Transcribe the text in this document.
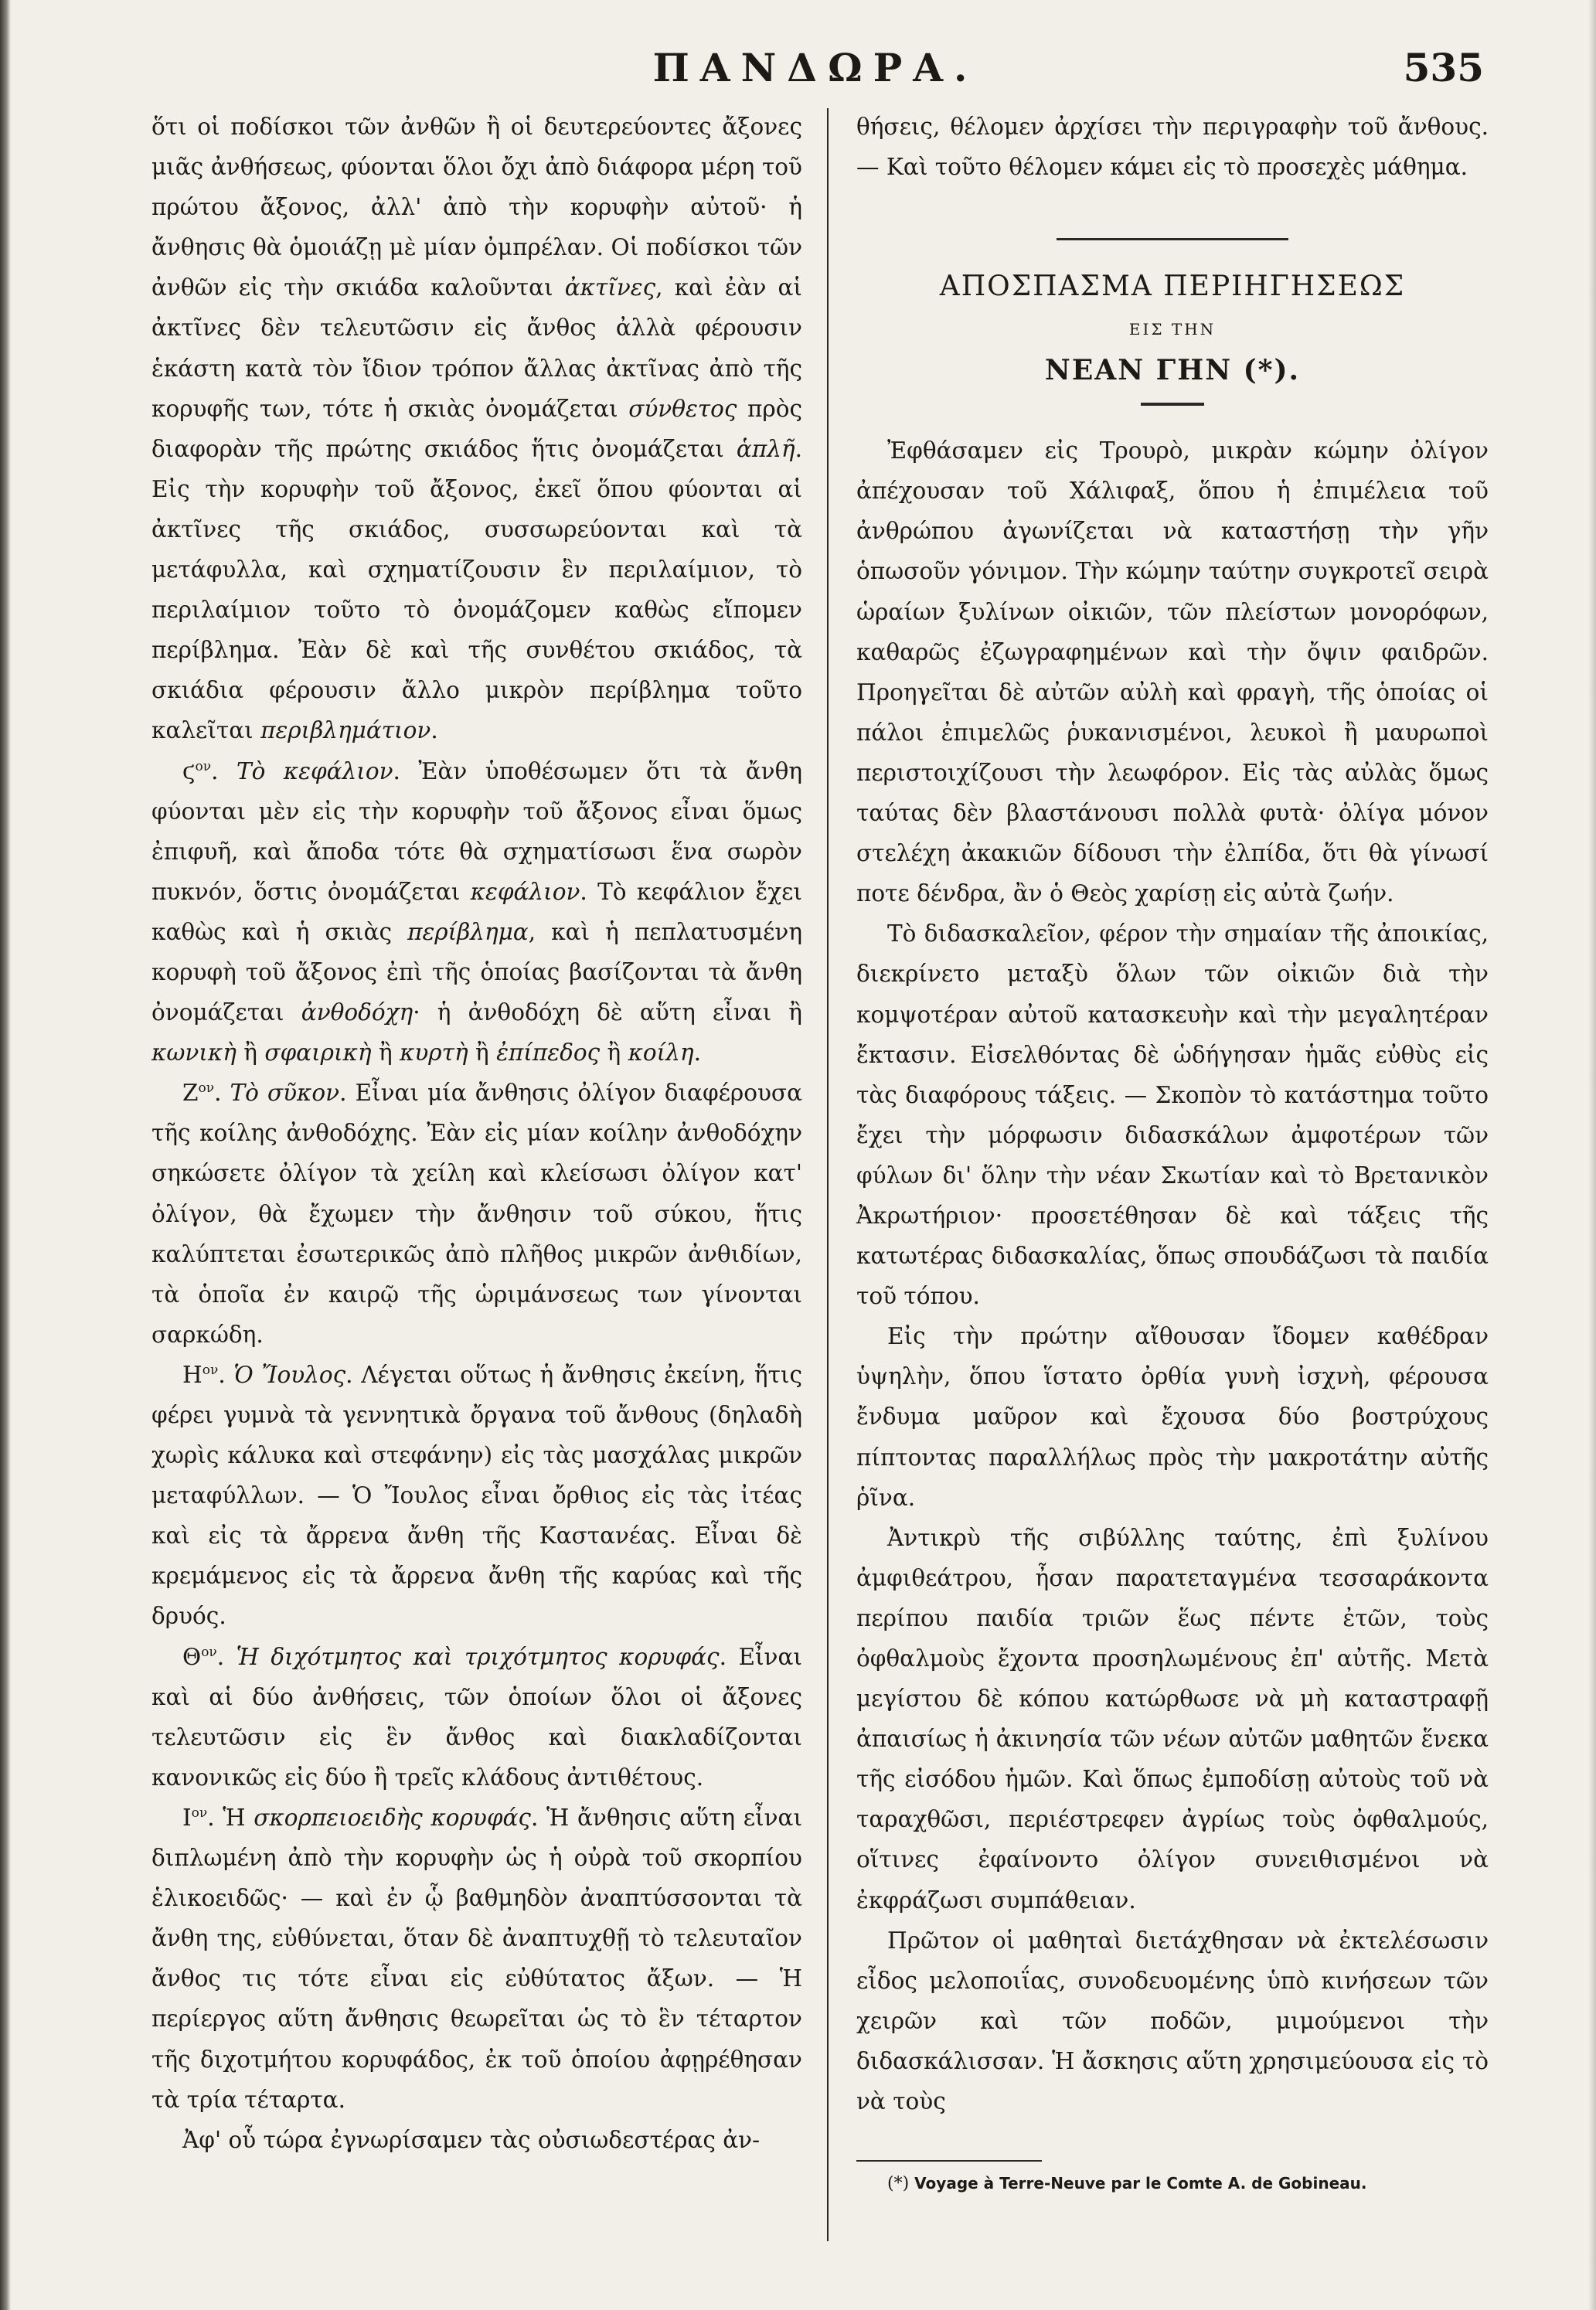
ΠΑΝΔΩΡΑ.	535

ὅτι οἱ ποδίσκοι τῶν ἀνθῶν ἢ οἱ δευτερεύοντες ἄξονες μιᾶς ἀνθήσεως, φύονται ὅλοι ὄχι ἀπὸ διάφορα μέρη τοῦ πρώτου ἄξονος, ἀλλ' ἀπὸ τὴν κορυφὴν αὐτοῦ· ἡ ἄνθησις θὰ ὁμοιάζῃ μὲ μίαν ὀμπρέλαν. Οἱ ποδίσκοι τῶν ἀνθῶν εἰς τὴν σκιάδα καλοῦνται ἀκτῖνες, καὶ ἐὰν αἱ ἀκτῖνες δὲν τελευτῶσιν εἰς ἄνθος ἀλλὰ φέρουσιν ἑκάστη κατὰ τὸν ἴδιον τρόπον ἄλλας ἀκτῖνας ἀπὸ τῆς κορυφῆς των, τότε ἡ σκιὰς ὀνομάζεται σύνθετος πρὸς διαφορὰν τῆς πρώτης σκιάδος ἥτις ὀνομάζεται ἁπλῆ. Εἰς τὴν κορυφὴν τοῦ ἄξονος, ἐκεῖ ὅπου φύονται αἱ ἀκτῖνες τῆς σκιάδος, συσσωρεύονται καὶ τὰ μετάφυλλα, καὶ σχηματίζουσιν ἓν περιλαίμιον, τὸ περιλαίμιον τοῦτο τὸ ὀνομάζομεν καθὼς εἴπομεν περίβλημα. Ἐὰν δὲ καὶ τῆς συνθέτου σκιάδος, τὰ σκιάδια φέρουσιν ἄλλο μικρὸν περίβλημα τοῦτο καλεῖται περιβλημάτιον.

$ϛ^{o\nu}$. Τὸ κεφάλιον. Ἐὰν ὑποθέσωμεν ὅτι τὰ ἄνθη φύονται μὲν εἰς τὴν κορυφὴν τοῦ ἄξονος εἶναι ὅμως ἐπιφυῆ, καὶ ἄποδα τότε θὰ σχηματίσωσι ἕνα σωρὸν πυκνόν, ὅστις ὀνομάζεται κεφάλιον. Τὸ κεφάλιον ἔχει καθὼς καὶ ἡ σκιὰς περίβλημα, καὶ ἡ πεπλατυσμένη κορυφὴ τοῦ ἄξονος ἐπὶ τῆς ὁποίας βασίζονται τὰ ἄνθη ὀνομάζεται ἀνθοδόχη· ἡ ἀνθοδόχη δὲ αὕτη εἶναι ἢ κωνικὴ ἢ σφαιρικὴ ἢ κυρτὴ ἢ ἐπίπεδος ἢ κοίλη.

$Z^{o\nu}$. Τὸ σῦκον. Εἶναι μία ἄνθησις ὀλίγον διαφέρουσα τῆς κοίλης ἀνθοδόχης. Ἐὰν εἰς μίαν κοίλην ἀνθοδόχην σηκώσετε ὀλίγον τὰ χείλη καὶ κλείσωσι ὀλίγον κατ' ὀλίγον, θὰ ἔχωμεν τὴν ἄνθησιν τοῦ σύκου, ἥτις καλύπτεται ἐσωτερικῶς ἀπὸ πλῆθος μικρῶν ἀνθιδίων, τὰ ὁποῖα ἐν καιρῷ τῆς ὡριμάνσεως των γίνονται σαρκώδη.

$H^{o\nu}$. Ὁ Ἴουλος. Λέγεται οὕτως ἡ ἄνθησις ἐκείνη, ἥτις φέρει γυμνὰ τὰ γεννητικὰ ὄργανα τοῦ ἄνθους (δηλαδὴ χωρὶς κάλυκα καὶ στεφάνην) εἰς τὰς μασχάλας μικρῶν μεταφύλλων. — Ὁ Ἴουλος εἶναι ὄρθιος εἰς τὰς ἰτέας καὶ εἰς τὰ ἄρρενα ἄνθη τῆς Καστανέας. Εἶναι δὲ κρεμάμενος εἰς τὰ ἄρρενα ἄνθη τῆς καρύας καὶ τῆς δρυός.

$\Theta^{o\nu}$. Ἡ διχότμητος καὶ τριχότμητος κορυφάς. Εἶναι καὶ αἱ δύο ἀνθήσεις, τῶν ὁποίων ὅλοι οἱ ἄξονες τελευτῶσιν εἰς ἓν ἄνθος καὶ διακλαδίζονται κανονικῶς εἰς δύο ἢ τρεῖς κλάδους ἀντιθέτους.

$I^{o\nu}$. Ἡ σκορπειοειδὴς κορυφάς. Ἡ ἄνθησις αὕτη εἶναι διπλωμένη ἀπὸ τὴν κορυφὴν ὡς ἡ οὐρὰ τοῦ σκορπίου ἑλικοειδῶς· — καὶ ἐν ᾧ βαθμηδὸν ἀναπτύσσονται τὰ ἄνθη της, εὐθύνεται, ὅταν δὲ ἀναπτυχθῇ τὸ τελευταῖον ἄνθος τις τότε εἶναι εἰς εὐθύτατος ἄξων. — Ἡ περίεργος αὕτη ἄνθησις θεωρεῖται ὡς τὸ ἓν τέταρτον τῆς διχοτμήτου κορυφάδος, ἐκ τοῦ ὁποίου ἀφῃρέθησαν τὰ τρία τέταρτα.

Ἀφ' οὗ τώρα ἐγνωρίσαμεν τὰς οὐσιωδεστέρας ἀν-

θήσεις, θέλομεν ἀρχίσει τὴν περιγραφὴν τοῦ ἄνθους. — Καὶ τοῦτο θέλομεν κάμει εἰς τὸ προσεχὲς μάθημα.

ΑΠΟΣΠΑΣΜΑ ΠΕΡΙΗΓΗΣΕΩΣ
ΕΙΣ ΤΗΝ
ΝΕΑΝ ΓΗΝ (*).

Ἐφθάσαμεν εἰς Τρουρὸ, μικρὰν κώμην ὀλίγον ἀπέχουσαν τοῦ Χάλιφαξ, ὅπου ἡ ἐπιμέλεια τοῦ ἀνθρώπου ἀγωνίζεται νὰ καταστήσῃ τὴν γῆν ὁπωσοῦν γόνιμον. Τὴν κώμην ταύτην συγκροτεῖ σειρὰ ὡραίων ξυλίνων οἰκιῶν, τῶν πλείστων μονορόφων, καθαρῶς ἐζωγραφημένων καὶ τὴν ὄψιν φαιδρῶν. Προηγεῖται δὲ αὐτῶν αὐλὴ καὶ φραγὴ, τῆς ὁποίας οἱ πάλοι ἐπιμελῶς ῥυκανισμένοι, λευκοὶ ἢ μαυρωποὶ περιστοιχίζουσι τὴν λεωφόρον. Εἰς τὰς αὐλὰς ὅμως ταύτας δὲν βλαστάνουσι πολλὰ φυτὰ· ὀλίγα μόνον στελέχη ἀκακιῶν δίδουσι τὴν ἐλπίδα, ὅτι θὰ γίνωσί ποτε δένδρα, ἂν ὁ Θεὸς χαρίσῃ εἰς αὐτὰ ζωήν.

Τὸ διδασκαλεῖον, φέρον τὴν σημαίαν τῆς ἀποικίας, διεκρίνετο μεταξὺ ὅλων τῶν οἰκιῶν διὰ τὴν κομψοτέραν αὐτοῦ κατασκευὴν καὶ τὴν μεγαλητέραν ἔκτασιν. Εἰσελθόντας δὲ ὡδήγησαν ἡμᾶς εὐθὺς εἰς τὰς διαφόρους τάξεις. — Σκοπὸν τὸ κατάστημα τοῦτο ἔχει τὴν μόρφωσιν διδασκάλων ἀμφοτέρων τῶν φύλων δι' ὅλην τὴν νέαν Σκωτίαν καὶ τὸ Βρετανικὸν Ἀκρωτήριον· προσετέθησαν δὲ καὶ τάξεις τῆς κατωτέρας διδασκαλίας, ὅπως σπουδάζωσι τὰ παιδία τοῦ τόπου.

Εἰς τὴν πρώτην αἴθουσαν ἴδομεν καθέδραν ὑψηλὴν, ὅπου ἵστατο ὀρθία γυνὴ ἰσχνὴ, φέρουσα ἔνδυμα μαῦρον καὶ ἔχουσα δύο βοστρύχους πίπτοντας παραλλήλως πρὸς τὴν μακροτάτην αὐτῆς ῥῖνα.

Ἀντικρὺ τῆς σιβύλλης ταύτης, ἐπὶ ξυλίνου ἀμφιθεάτρου, ἦσαν παρατεταγμένα τεσσαράκοντα περίπου παιδία τριῶν ἕως πέντε ἐτῶν, τοὺς ὀφθαλμοὺς ἔχοντα προσηλωμένους ἐπ' αὐτῆς. Μετὰ μεγίστου δὲ κόπου κατώρθωσε νὰ μὴ καταστραφῇ ἀπαισίως ἡ ἀκινησία τῶν νέων αὐτῶν μαθητῶν ἕνεκα τῆς εἰσόδου ἡμῶν. Καὶ ὅπως ἐμποδίσῃ αὐτοὺς τοῦ νὰ ταραχθῶσι, περιέστρεφεν ἀγρίως τοὺς ὀφθαλμούς, οἵτινες ἐφαίνοντο ὀλίγον συνειθισμένοι νὰ ἐκφράζωσι συμπάθειαν.

Πρῶτον οἱ μαθηταὶ διετάχθησαν νὰ ἐκτελέσωσιν εἶδος μελοποιΐας, συνοδευομένης ὑπὸ κινήσεων τῶν χειρῶν καὶ τῶν ποδῶν, μιμούμενοι τὴν διδασκάλισσαν. Ἡ ἄσκησις αὕτη χρησιμεύουσα εἰς τὸ νὰ τοὺς

(*) Voyage à Terre-Neuve par le Comte A. de Gobineau.
